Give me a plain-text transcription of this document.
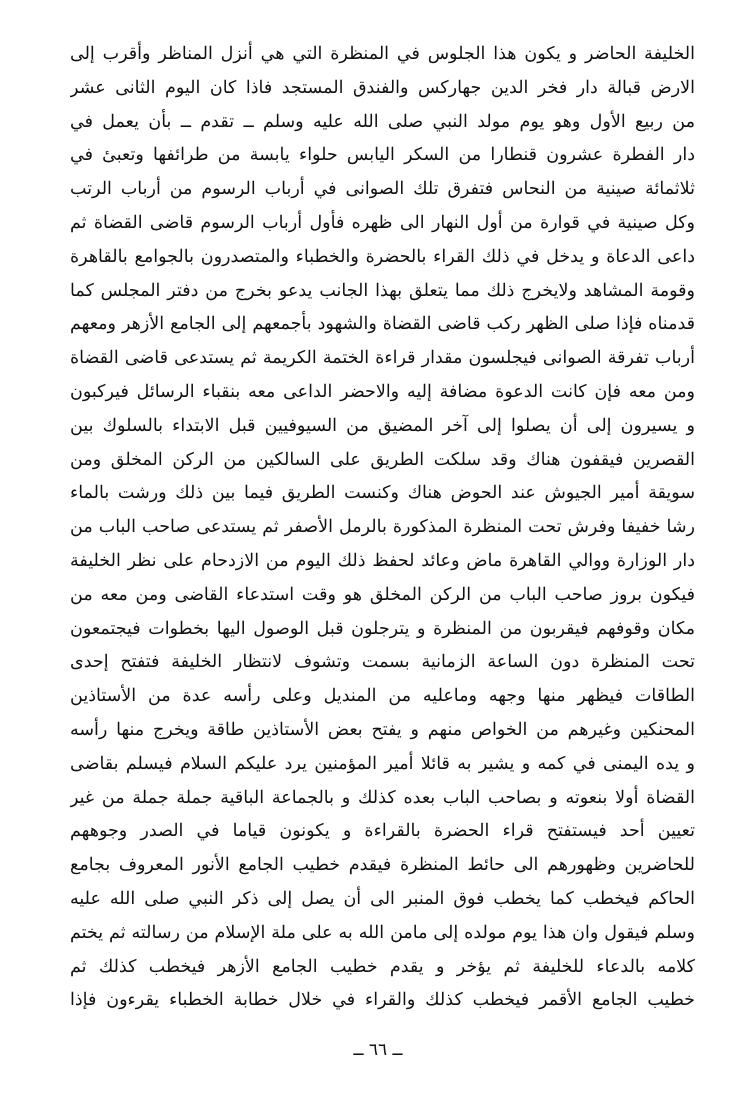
الخليفة الحاضر و يكون هذا الجلوس في المنظرة التي هي أنزل المناظر وأقرب إلى
الارض قبالة دار فخر الدين جهاركس والفندق المستجد فاذا كان اليوم الثانى عشر
من ربيع الأول وهو يوم مولد النبي صلى الله عليه وسلم ــ تقدم ــ بأن يعمل في
دار الفطرة عشرون قنطارا من السكر اليابس حلواء يابسة من طرائفها وتعبىٔ في
ثلاثمائة صينية من النحاس فتفرق تلك الصوانى في أرباب الرسوم من أرباب الرتب
وكل صينية في قوارة من أول النهار الى ظهره فأول أرباب الرسوم قاضى القضاة ثم
داعى الدعاة و يدخل في ذلك القراء بالحضرة والخطباء والمتصدرون بالجوامع بالقاهرة
وقومة المشاهد ولايخرج ذلك مما يتعلق بهذا الجانب يدعو بخرج من دفتر المجلس كما
قدمناه فإذا صلى الظهر ركب قاضى القضاة والشهود بأجمعهم إلى الجامع الأزهر ومعهم
أرباب تفرقة الصوانى فيجلسون مقدار قراءة الختمة الكريمة ثم يستدعى قاضى القضاة
ومن معه فإن كانت الدعوة مضافة إليه والاحضر الداعى معه بنقباء الرسائل فيركبون
و يسيرون إلى أن يصلوا إلى آخر المضيق من السيوفيين قبل الابتداء بالسلوك بين
القصرين فيقفون هناك وقد سلكت الطريق على السالكين من الركن المخلق ومن
سويقة أمير الجيوش عند الحوض هناك وكنست الطريق فيما بين ذلك ورشت بالماء
رشا خفيفا وفرش تحت المنظرة المذكورة بالرمل الأصفر ثم يستدعى صاحب الباب من
دار الوزارة ووالي القاهرة ماض وعائد لحفظ ذلك اليوم من الازدحام على نظر الخليفة
فيكون بروز صاحب الباب من الركن المخلق هو وقت استدعاء القاضى ومن معه من
مكان وقوفهم فيقربون من المنظرة و يترجلون قبل الوصول اليها بخطوات فيجتمعون
تحت المنظرة دون الساعة الزمانية بسمت وتشوف لانتظار الخليفة فتفتح إحدى
الطاقات فيظهر منها وجهه وماعليه من المنديل وعلى رأسه عدة من الأستاذين
المحنكين وغيرهم من الخواص منهم و يفتح بعض الأستاذين طاقة ويخرج منها رأسه
و يده اليمنى في كمه و يشير به قائلا أمير المؤمنين يرد عليكم السلام فيسلم بقاضى
القضاة أولا بنعوته و بصاحب الباب بعده كذلك و بالجماعة الباقية جملة جملة من غير
تعيين أحد فيستفتح قراء الحضرة بالقراءة و يكونون قياما في الصدر وجوههم
للحاضرين وظهورهم الى حائط المنظرة فيقدم خطيب الجامع الأنور المعروف بجامع
الحاكم فيخطب كما يخطب فوق المنبر الى أن يصل إلى ذكر النبي صلى الله عليه
وسلم فيقول وان هذا يوم مولده إلى مامن الله به على ملة الإسلام من رسالته ثم يختم
كلامه بالدعاء للخليفة ثم يؤخر و يقدم خطيب الجامع الأزهر فيخطب كذلك ثم
خطيب الجامع الأقمر فيخطب كذلك والقراء في خلال خطابة الخطباء يقرءون فإذا
ــ ٦٦ ــ
